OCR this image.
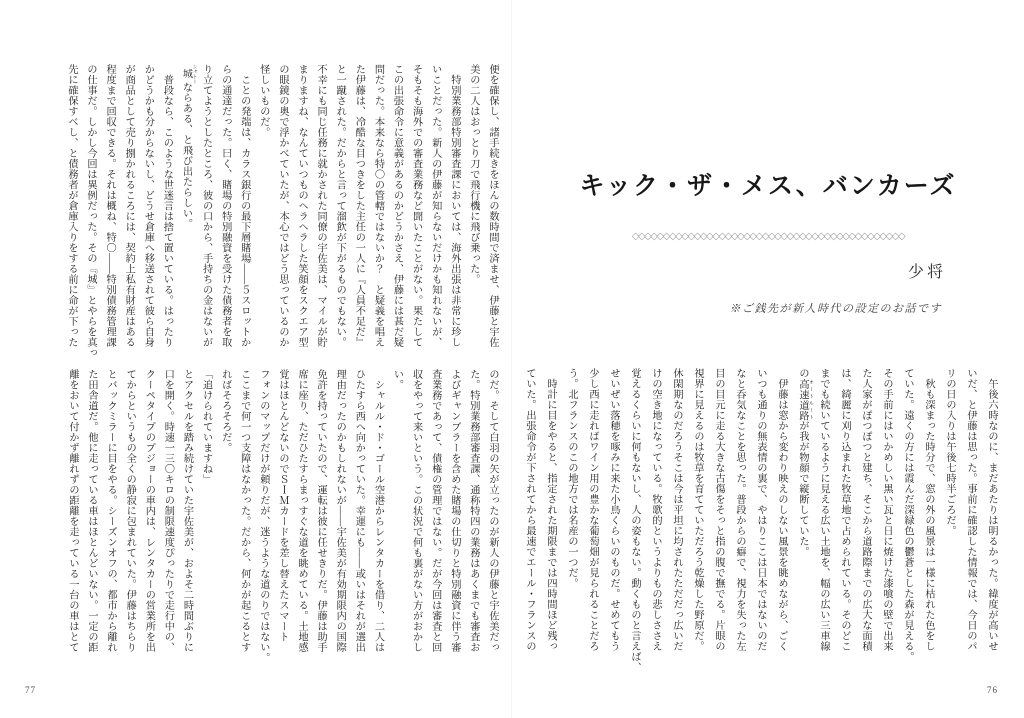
キック・ザ・メス、バンカーズ
◇◇◇◇◇◇◇◇◇◇◇◇◇◇◇◇◇◇◇◇◇◇◇◇◇◇◇◇◇◇◇◇◇◇◇◇◇◇◇◇◇◇◇◇
少将
※ご銭先が新人時代の設定のお話です

　午後六時なのに、まだあたりは明るかった。緯度が高いせ

いだ、と伊藤は思った。事前に確認した情報では、今日のパ

リの日の入りは午後七時半ごろだ。

　秋も深まった時分で、窓の外の風景は一様に枯れた色をし

ていた。遠くの方には霞んだ深緑色の鬱蒼とした森が見える。

その手前にはいかめしい黒い瓦と日に焼けた漆喰の壁で出来

た人家がぽつぽつと建ち、そこから道路際までの広大な面積

は、綺麗に刈り込まれた牧草地で占められている。そのどこ

までも続いているように見える広い土地を、幅の広い三車線

の高速道路 オートルートが我が物顔で縦断していた。

　伊藤は窓から変わり映えのしない風景を眺めながら、ごく

いつも通りの無表情の裏で、やはりここは日本ではないのだ

なと呑気なことを思った。普段からの癖で、視力を失った左

目の目元に走る大きな古傷をそっと指の腹で撫でる。片眼の

視界に見えるのは牧草を育てていただろう乾燥した野原だ。

休閑期なのだろうそこは今は平坦に均されたただだっ広いだ

けの空き地になっている。牧歌的というよりもの悲しささえ

覚えるくらいに何もないし、人の姿もない。動くものと言えば、

せいぜい落穂を啄みに来た小鳥くらいのものだ。せめてもう

少し西に走ればワイン用の豊かな葡萄畑が見られることだろ

う。北フランスのこの地方では名産の一つだ。

　時計に目をやると、指定された期限までは四時間ほど残っ

ていた。出張命令が下されてから最速でエール・フランスの

便を確保し、諸手続きをほんの数時間で済ませ、伊藤と宇佐

美の二人はおっとり刀で飛行機に飛び乗った。

　特別業務部特別審査課においては、海外出張は非常に珍し

いことだった。新人の伊藤が知らないだけかも知れないが、

そもそも海外での審査業務など聞いたことがない。果たして

この出張命令に意義があるのかどうかさえ、伊藤には甚だ疑

問だった。本来なら特〇の管轄ではないか？　と疑義を唱え

た伊藤は、冷酷な目つきをした主任の一人に『人員不足だ』

と一蹴された。だからと言って溜飲が下がるものでもない。

不幸にも同じ任務に就かされた同僚の宇佐美は、マイルが貯

まりますね、なんていつものヘラヘラした笑顔をスクエア型

の眼鏡の奥で浮かべていたが、本心ではどう思っているのか

怪しいものだ。

　ことの発端は、カラス銀行の最下層賭場——５スロットか

らの通達だった。曰く、賭場の特別融資を受けた債務者を取

り立てようとしたところ、彼の口から、手持ちの金はないが

城 シャトーならある、と飛び出たらしい。

　普段なら、このような世迷言は捨て置いている。はったり

かどうかも分からないし、どうせ倉庫へ移送されて彼ら自身

が商品として売り捌かれるころには、契約上私有財産はある

程度まで回収できる。それは概ね、特〇——特別債務管理課

の仕事だ。しかし今回は異例だった。その『城』とやらを真っ

先に確保すべし、と債務者が倉庫入りをする前に命が下った

のだ。そして白羽の矢が立ったのが新人の伊藤と宇佐美だっ

た。特別業務部審査課、通称特四の業務はあくまでも審査お

よびギャンブラーを含めた賭場の仕切りと特別融資に伴う審

査業務であって、債権の管理ではない。だが今回は審査と回

収をやって来いという。この状況で何も裏がない方がおかし

い。

　シャルル・ド・ゴール空港からレンタカーを借り、二人は

ひたすら西へ向かっていた。幸運にも——或いはそれが選出

理由だったのかもしれないが——宇佐美が有効期限内の国際

免許を持っていたので、運転は彼に任せきりだ。伊藤は助手

席に座り、ただひたすらまっすぐな道を眺めている。土地感

覚はほとんどないのでＳＩＭカードを差し替えたスマート

フォンのマップだけが頼りだが、迷うような道のりではない。

ここまで何一つ支障はなかった。だから、何かが起こるとす

ればそろそろだ。

「追けられていますね」

とアクセルを踏み続けていた宇佐美が、およそ二時間ぶりに

口を開く。時速一三〇キロの制限速度ぴったりで走行中の、

クーペタイプのプジョーの車内は、レンタカーの営業所を出

てからというもの全くの静寂に包まれていた。伊藤はちらり

とバックミラーに目をやる。シーズンオフの、都市から離れ

た田舎道だ。他に走っている車はほとんどいない。一定の距

離をおいて付かず離れずの距離を走っている一台の車はとて

77	76
